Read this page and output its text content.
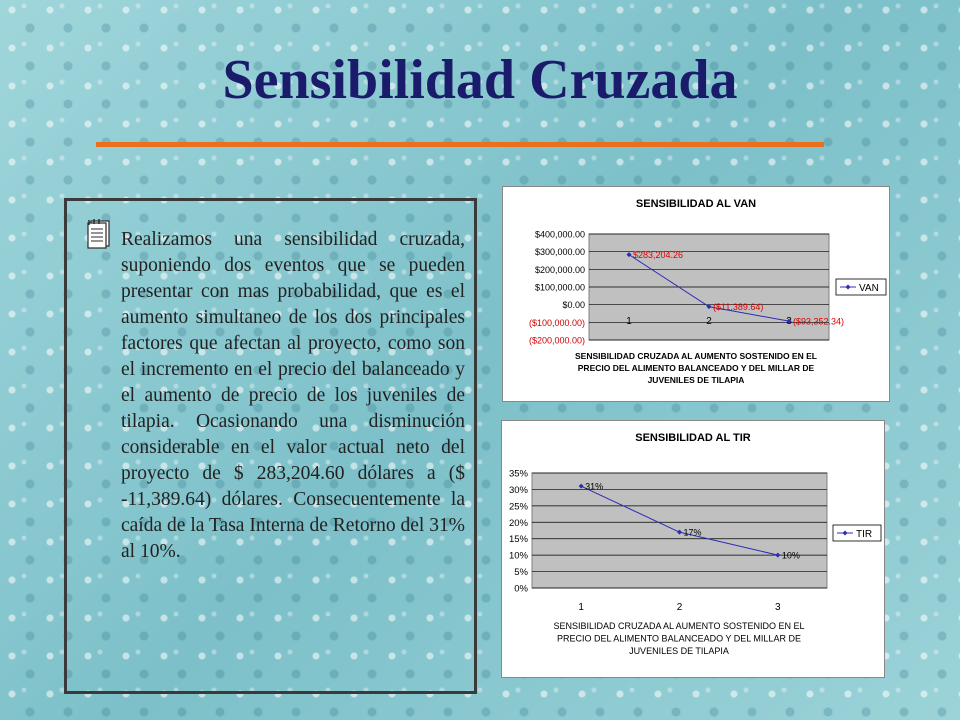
Sensibilidad Cruzada

Realizamos una sensibilidad cruzada, suponiendo dos eventos que se pueden presentar con mas probabilidad, que es el aumento simultaneo de los dos principales factores que afectan al proyecto, como son el incremento en el precio del balanceado y el aumento de precio de los juveniles de tilapia. Ocasionando una disminución considerable en el valor actual neto del proyecto de $ 283,204.60 dólares a ($ -11,389.64) dólares. Consecuentemente la caída de la Tasa Interna de Retorno del 31% al 10%.

SENSIBILIDAD AL VAN
$400,000.00
$300,000.00
$200,000.00
$100,000.00
$0.00
($100,000.00)
($200,000.00)
1	2
$283,204.26
($11,389.64)
($93,352.34)
VAN
SENSIBILIDAD CRUZADA AL AUMENTO SOSTENIDO EN EL
PRECIO DEL ALIMENTO BALANCEADO Y DEL MILLAR DE
JUVENILES DE TILAPIA
SENSIBILIDAD AL TIR
35%
30%
25%
20%
15%
10%
5%
0%
1	2	3
31%
17%
10%
TIR
SENSIBILIDAD CRUZADA AL AUMENTO SOSTENIDO EN EL
PRECIO DEL ALIMENTO BALANCEADO Y DEL MILLAR DE
JUVENILES DE TILAPIA
